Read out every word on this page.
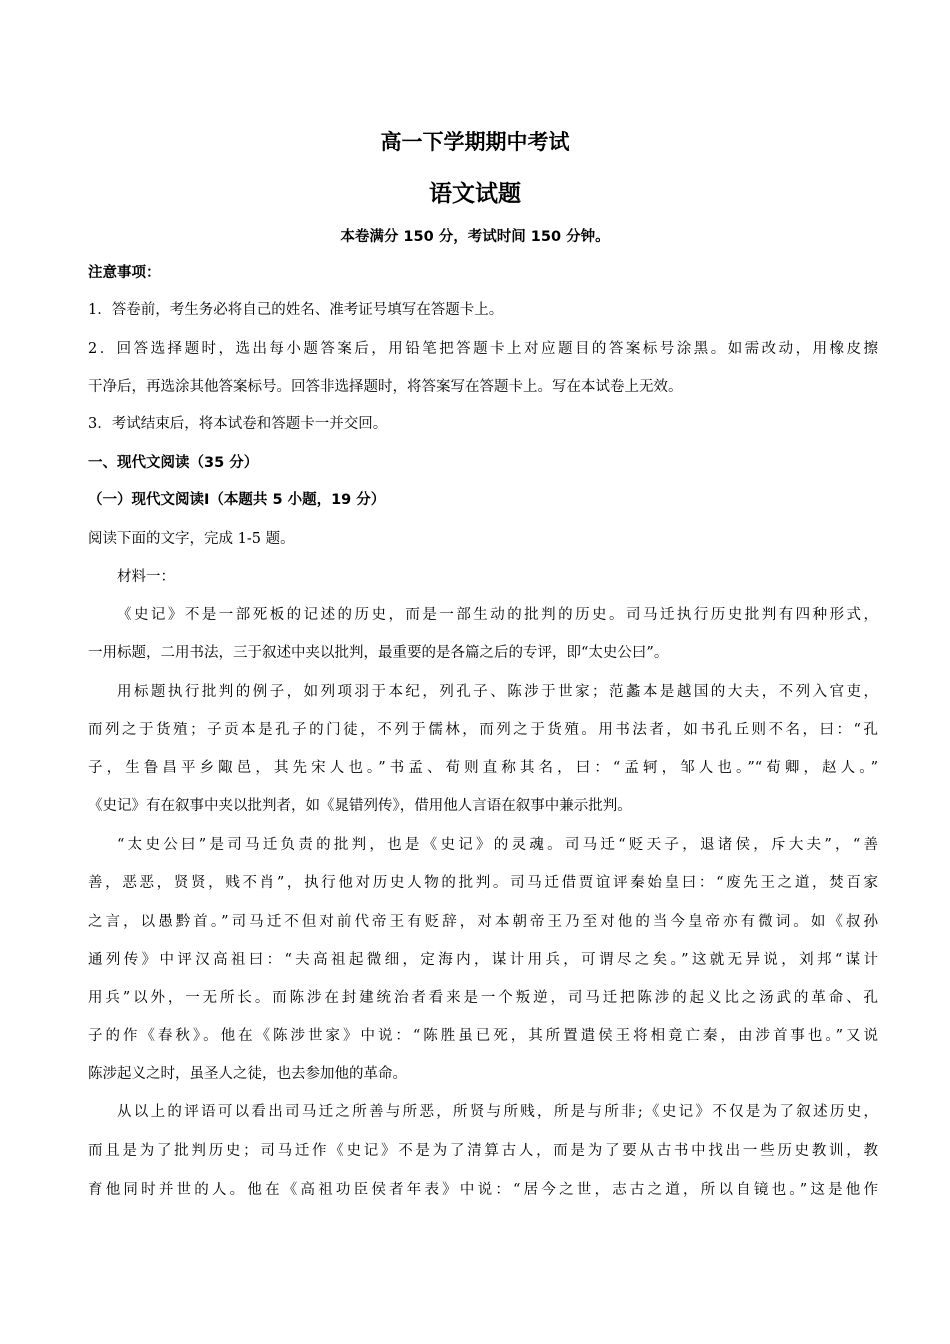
高一下学期期中考试
语文试题
本卷满分 150 分，考试时间 150 分钟。
注意事项：
1．答卷前，考生务必将自己的姓名、准考证号填写在答题卡上。
2．回答选择题时，选出每小题答案后，用铅笔把答题卡上对应题目的答案标号涂黑。如需改动，用橡皮擦
干净后，再选涂其他答案标号。回答非选择题时，将答案写在答题卡上。写在本试卷上无效。
3．考试结束后，将本试卷和答题卡一并交回。
一、现代文阅读（35 分）
（一）现代文阅读Ⅰ（本题共 5 小题，19 分）
阅读下面的文字，完成 1-5 题。
材料一：
《史记》不是一部死板的记述的历史，而是一部生动的批判的历史。司马迁执行历史批判有四种形式，
一用标题，二用书法，三于叙述中夹以批判，最重要的是各篇之后的专评，即“太史公曰”。
用标题执行批判的例子，如列项羽于本纪，列孔子、陈涉于世家；范蠡本是越国的大夫，不列入官吏，
而列之于货殖；子贡本是孔子的门徒，不列于儒林，而列之于货殖。用书法者，如书孔丘则不名，曰：“孔
子，生鲁昌平乡陬邑，其先宋人也。”书孟、荀则直称其名，曰：“孟轲，邹人也。”“荀卿，赵人。”
《史记》有在叙事中夹以批判者，如《晁错列传》，借用他人言语在叙事中兼示批判。
“太史公曰”是司马迁负责的批判，也是《史记》的灵魂。司马迁“贬天子，退诸侯，斥大夫”，“善
善，恶恶，贤贤，贱不肖”，执行他对历史人物的批判。司马迁借贾谊评秦始皇曰：“废先王之道，焚百家
之言，以愚黔首。”司马迁不但对前代帝王有贬辞，对本朝帝王乃至对他的当今皇帝亦有微词。如《叔孙
通列传》中评汉高祖曰：“夫高祖起微细，定海内，谋计用兵，可谓尽之矣。”这就无异说，刘邦“谋计
用兵”以外，一无所长。而陈涉在封建统治者看来是一个叛逆，司马迁把陈涉的起义比之汤武的革命、孔
子的作《春秋》。他在《陈涉世家》中说：“陈胜虽已死，其所置遣侯王将相竟亡秦，由涉首事也。”又说
陈涉起义之时，虽圣人之徒，也去参加他的革命。
从以上的评语可以看出司马迁之所善与所恶，所贤与所贱，所是与所非;《史记》不仅是为了叙述历史，
而且是为了批判历史；司马迁作《史记》不是为了清算古人，而是为了要从古书中找出一些历史教训，教
育他同时并世的人。他在《高祖功臣侯者年表》中说：“居今之世，志古之道，所以自镜也。”这是他作
